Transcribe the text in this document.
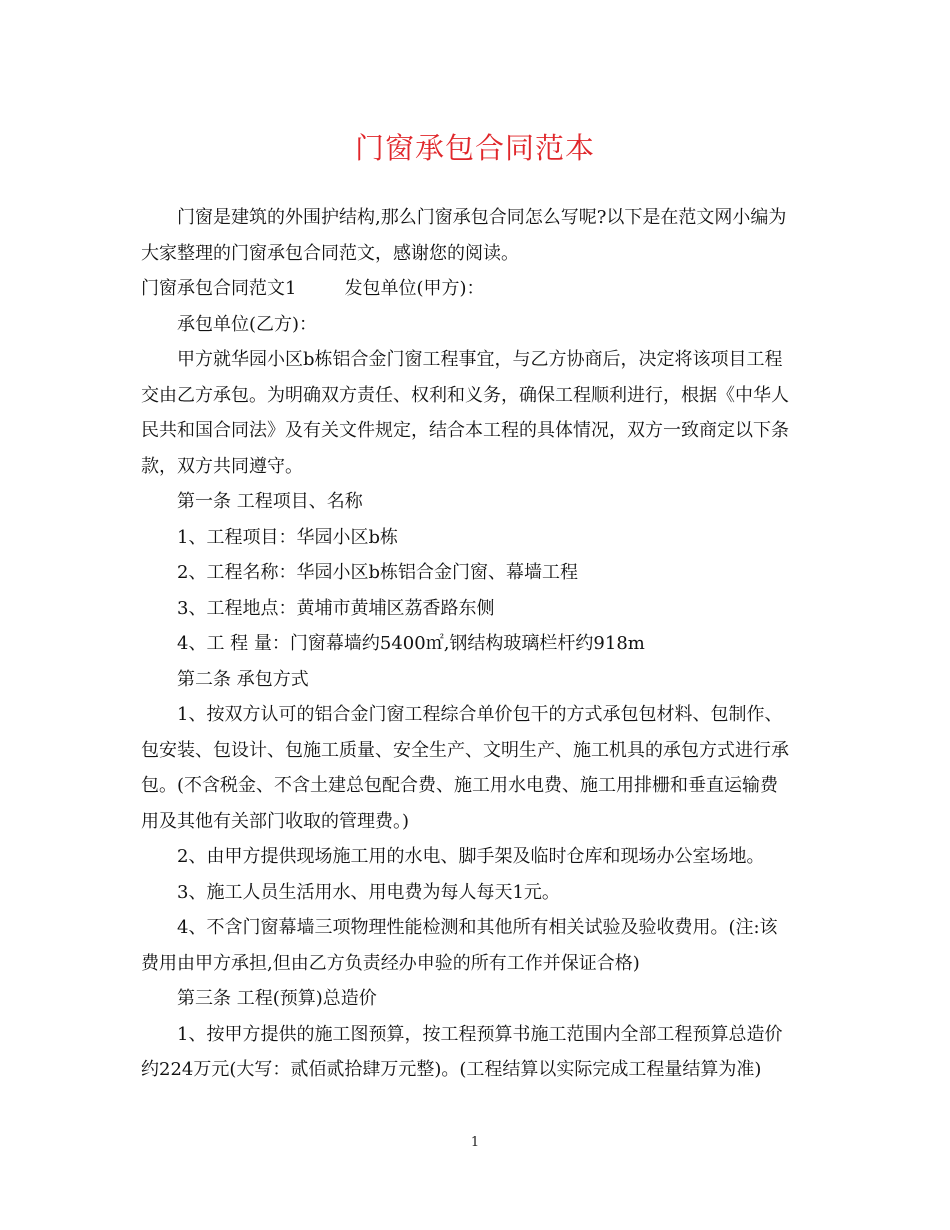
门窗承包合同范本

门窗是建筑的外围护结构,那么门窗承包合同怎么写呢?以下是在范文网小编为

大家整理的门窗承包合同范文，感谢您的阅读。

门窗承包合同范文1	发包单位(甲方)：

承包单位(乙方)：

甲方就华园小区b栋铝合金门窗工程事宜，与乙方协商后，决定将该项目工程

交由乙方承包。为明确双方责任、权利和义务，确保工程顺利进行，根据《中华人

民共和国合同法》及有关文件规定，结合本工程的具体情况，双方一致商定以下条

款，双方共同遵守。

第一条 工程项目、名称

1、工程项目：华园小区b栋

2、工程名称：华园小区b栋铝合金门窗、幕墙工程

3、工程地点：黄埔市黄埔区荔香路东侧

4、工 程 量：门窗幕墙约5400㎡,钢结构玻璃栏杆约918m

第二条 承包方式

1、按双方认可的铝合金门窗工程综合单价包干的方式承包包材料、包制作、

包安装、包设计、包施工质量、安全生产、文明生产、施工机具的承包方式进行承

包。(不含税金、不含土建总包配合费、施工用水电费、施工用排栅和垂直运输费

用及其他有关部门收取的管理费。)

2、由甲方提供现场施工用的水电、脚手架及临时仓库和现场办公室场地。

3、施工人员生活用水、用电费为每人每天1元。

4、不含门窗幕墙三项物理性能检测和其他所有相关试验及验收费用。(注:该

费用由甲方承担,但由乙方负责经办申验的所有工作并保证合格)

第三条 工程(预算)总造价

1、按甲方提供的施工图预算，按工程预算书施工范围内全部工程预算总造价

约224万元(大写：贰佰贰拾肆万元整)。(工程结算以实际完成工程量结算为准)

1
